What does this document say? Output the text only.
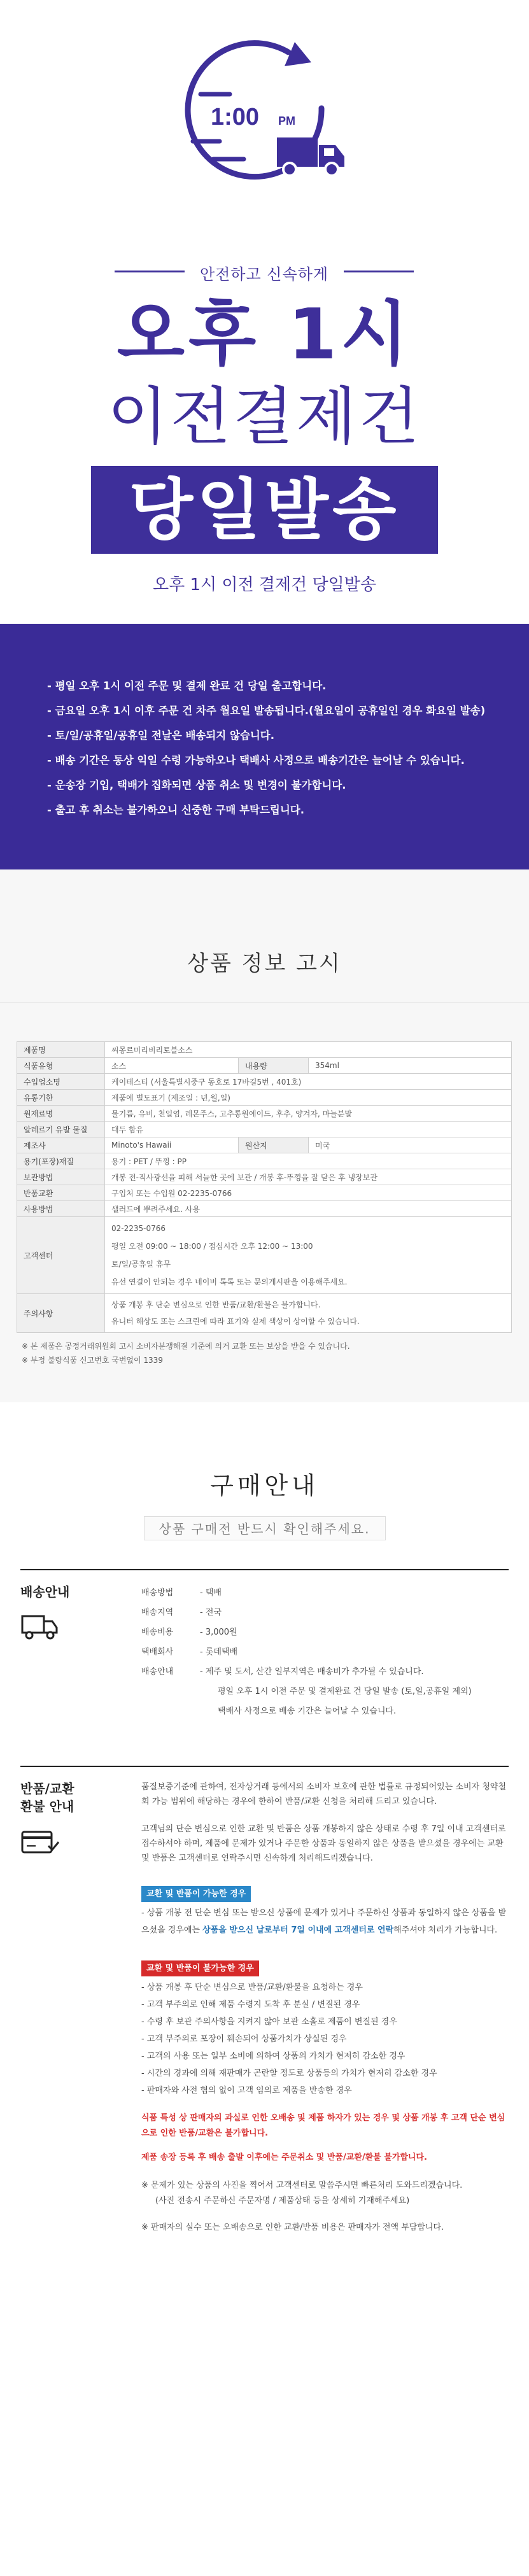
1:00 PM
안전하고 신속하게
오후 1시
이전결제건
당일발송
오후 1시 이전 결제건 당일발송
- 평일 오후 1시 이전 주문 및 결제 완료 건 당일 출고합니다.
- 금요일 오후 1시 이후 주문 건 차주 월요일 발송됩니다.(월요일이 공휴일인 경우 화요일 발송)
- 토/일/공휴일/공휴일 전날은 배송되지 않습니다.
- 배송 기간은 통상 익일 수령 가능하오나 택배사 사정으로 배송기간은 늘어날 수 있습니다.
- 운송장 기입, 택배가 집화되면 상품 취소 및 변경이 불가합니다.
- 출고 후 취소는 불가하오니 신중한 구매 부탁드립니다.
상품 정보 고시
제품명	씨몽르미리비리토블소스		
식품유형	소스	내용량	354ml
수입업소명	케이테스티 (서울특별시중구 동호로 17바길5번 , 401호)		
유통기한	제품에 별도표기 (제조일 : 년,월,일)		
원재료명	물기름, 유비, 천일염, 레몬주스, 고추통원에이드, 후추, 양겨자, 마늘분말		
알레르기 유발 물질	대두 함유		
제조사	Minoto's Hawaii	원산지	미국
용기(포장)재질	용기 : PET / 뚜껑 : PP		
보관방법	개봉 전-직사광선을 피해 서늘한 곳에 보관 / 개봉 후-뚜껑을 잘 닫은 후 냉장보관		
반품교환	구입처 또는 수입원 02-2235-0766		
사용방법	샐러드에 뿌려주세요. 사용		
고객센터	02-2235-0766
평일 오전 09:00 ~ 18:00 / 점심시간 오후 12:00 ~ 13:00
토/일/공휴일 휴무
유선 연결이 안되는 경우 네이버 톡톡 또는 문의게시판을 이용해주세요.		

주의사항	상품 개봉 후 단순 변심으로 인한 반품/교환/환불은 불가합니다.
유니터 해상도 또는 스크린에 따라 표기와 실제 색상이 상이할 수 있습니다.		
※ 본 제품은 공정거래위원회 고시 소비자분쟁해결 기준에 의거 교환 또는 보상을 받을 수 있습니다.
※ 부정 불량식품 신고번호 국번없이 1339
구매안내
상품 구매전 반드시 확인해주세요.
배송안내	배송방법	- 택배
배송지역	- 전국
배송비용	- 3,000원
택배회사	- 롯데택배
배송안내	- 제주 및 도서, 산간 일부지역은 배송비가 추가될 수 있습니다.
평일 오후 1시 이전 주문 및 결제완료 건 당일 발송 (토,일,공휴일 제외)
택배사 사정으로 배송 기간은 늘어날 수 있습니다.
반품/교환
환불 안내
품질보증기준에 관하여, 전자상거래 등에서의 소비자 보호에 관한 법률로 규정되어있는 소비자 청약철회 가능 범위에 해당하는 경우에 한하여 반품/교환 신청을 처리해 드리고 있습니다.
고객님의 단순 변심으로 인한 교환 및 반품은 상품 개봉하지 않은 상태로 수령 후 7일 이내 고객센터로 접수하셔야 하며, 제품에 문제가 있거나 주문한 상품과 동일하지 않은 상품을 받으셨을 경우에는 교환 및 반품은 고객센터로 연락주시면 신속하게 처리해드리겠습니다.
교환 및 반품이 가능한 경우
- 상품 개봉 전 단순 변심 또는 받으신 상품에 문제가 있거나 주문하신 상품과 동일하지 않은 상품을 받으셨을 경우에는 상품을 받으신 날로부터 7일 이내에 고객센터로 연락해주셔야 처리가 가능합니다.
교환 및 반품이 불가능한 경우
- 상품 개봉 후 단순 변심으로 반품/교환/환불을 요청하는 경우
- 고객 부주의로 인해 제품 수령지 도착 후 분실 / 변질된 경우
- 수령 후 보관 주의사항을 지켜지 않아 보관 소홀로 제품이 변질된 경우
- 고객 부주의로 포장이 훼손되어 상품가치가 상실된 경우
- 고객의 사용 또는 일부 소비에 의하여 상품의 가치가 현저히 감소한 경우
- 시간의 경과에 의해 재판매가 곤란할 정도로 상품등의 가치가 현저히 감소한 경우
- 판매자와 사전 협의 없이 고객 임의로 제품을 반송한 경우
식품 특성 상 판매자의 과실로 인한 오배송 및 제품 하자가 있는 경우 및 상품 개봉 후 고객 단순 변심으로 인한 반품/교환은 불가합니다.
제품 송장 등록 후 배송 출발 이후에는 주문취소 및 반품/교환/환불 불가합니다.
※ 문제가 있는 상품의 사진을 찍어서 고객센터로 말씀주시면 빠른처리 도와드리겠습니다.
(사진 전송시 주문하신 주문자명 / 제품상태 등을 상세히 기재해주세요)
※ 판매자의 실수 또는 오배송으로 인한 교환/반품 비용은 판매자가 전액 부담합니다.
